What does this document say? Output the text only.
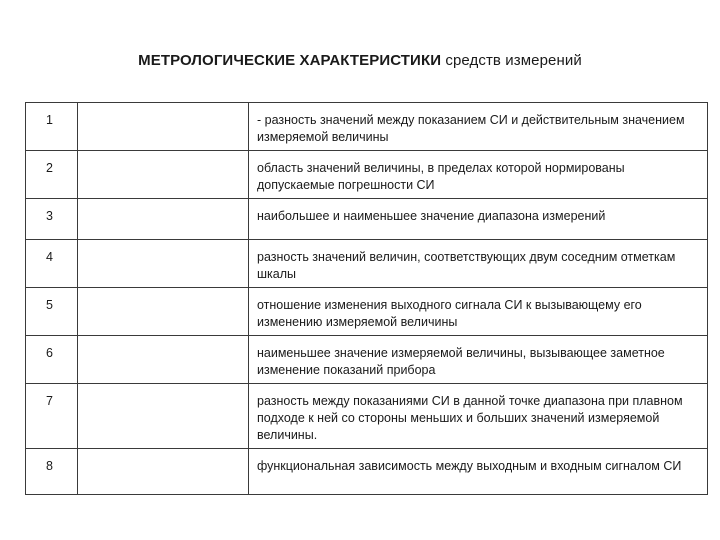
МЕТРОЛОГИЧЕСКИЕ ХАРАКТЕРИСТИКИ средств измерений
1		- разность значений между показанием СИ и действительным значением измеряемой величины
2		область значений величины, в пределах которой нормированы допускаемые погрешности СИ
3		наибольшее и наименьшее значение диапазона измерений
4		разность значений величин, соответствующих двум соседним отметкам шкалы
5		отношение изменения выходного сигнала СИ к вызывающему его изменению измеряемой величины
6		наименьшее значение измеряемой величины, вызывающее заметное изменение показаний прибора
7		разность между показаниями СИ в данной точке диапазона при плавном подходе к ней со стороны меньших и больших значений измеряемой величины.
8		функциональная зависимость между выходным и входным сигналом СИ
